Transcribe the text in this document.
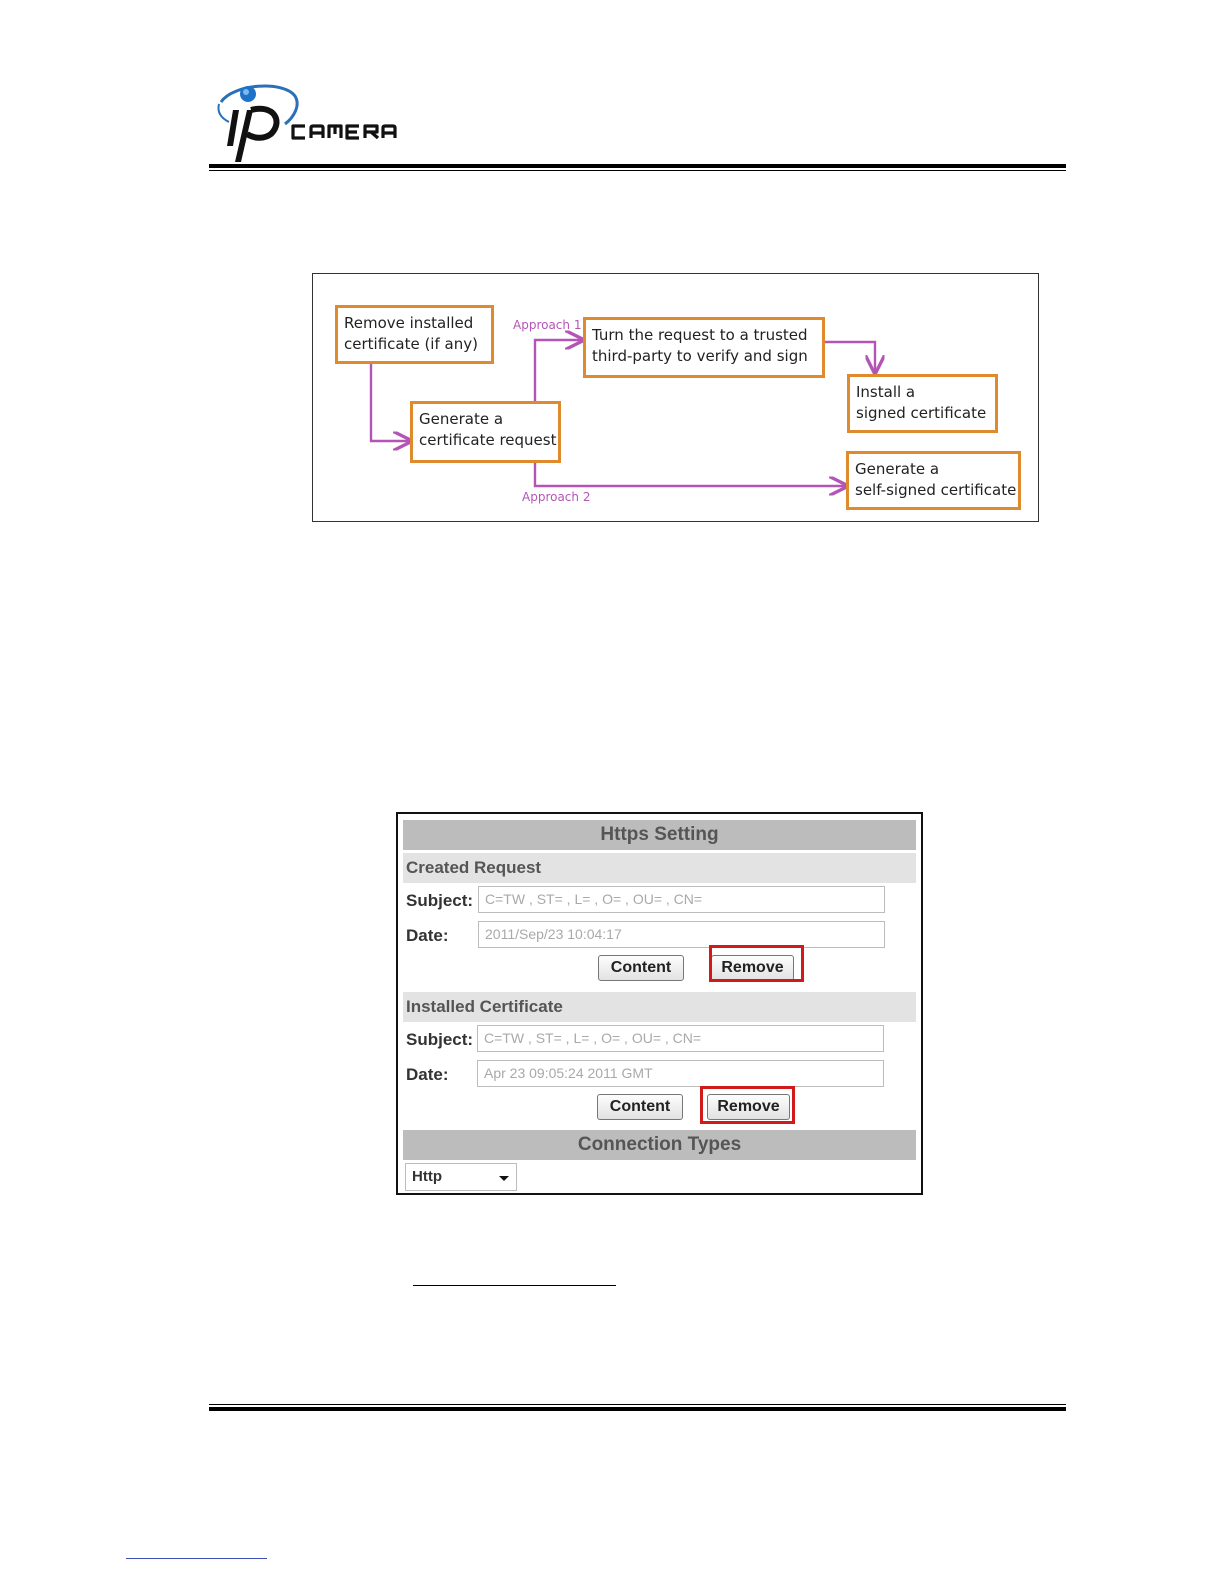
Remove installed
certificate (if any)
Generate a
certificate request
Turn the request to a trusted
third-party to verify and sign
Install a
signed certificate
Generate a
self-signed certificate
Approach 1
Approach 2
Https Setting
Created Request
Subject: C=TW , ST= , L= , O= , OU= , CN=
Date:	2011/Sep/23 10:04:17
Content	Remove
Installed Certificate
Subject: C=TW , ST= , L= , O= , OU= , CN=
Date:	Apr 23 09:05:24 2011 GMT
Content	Remove
Connection Types
Http
